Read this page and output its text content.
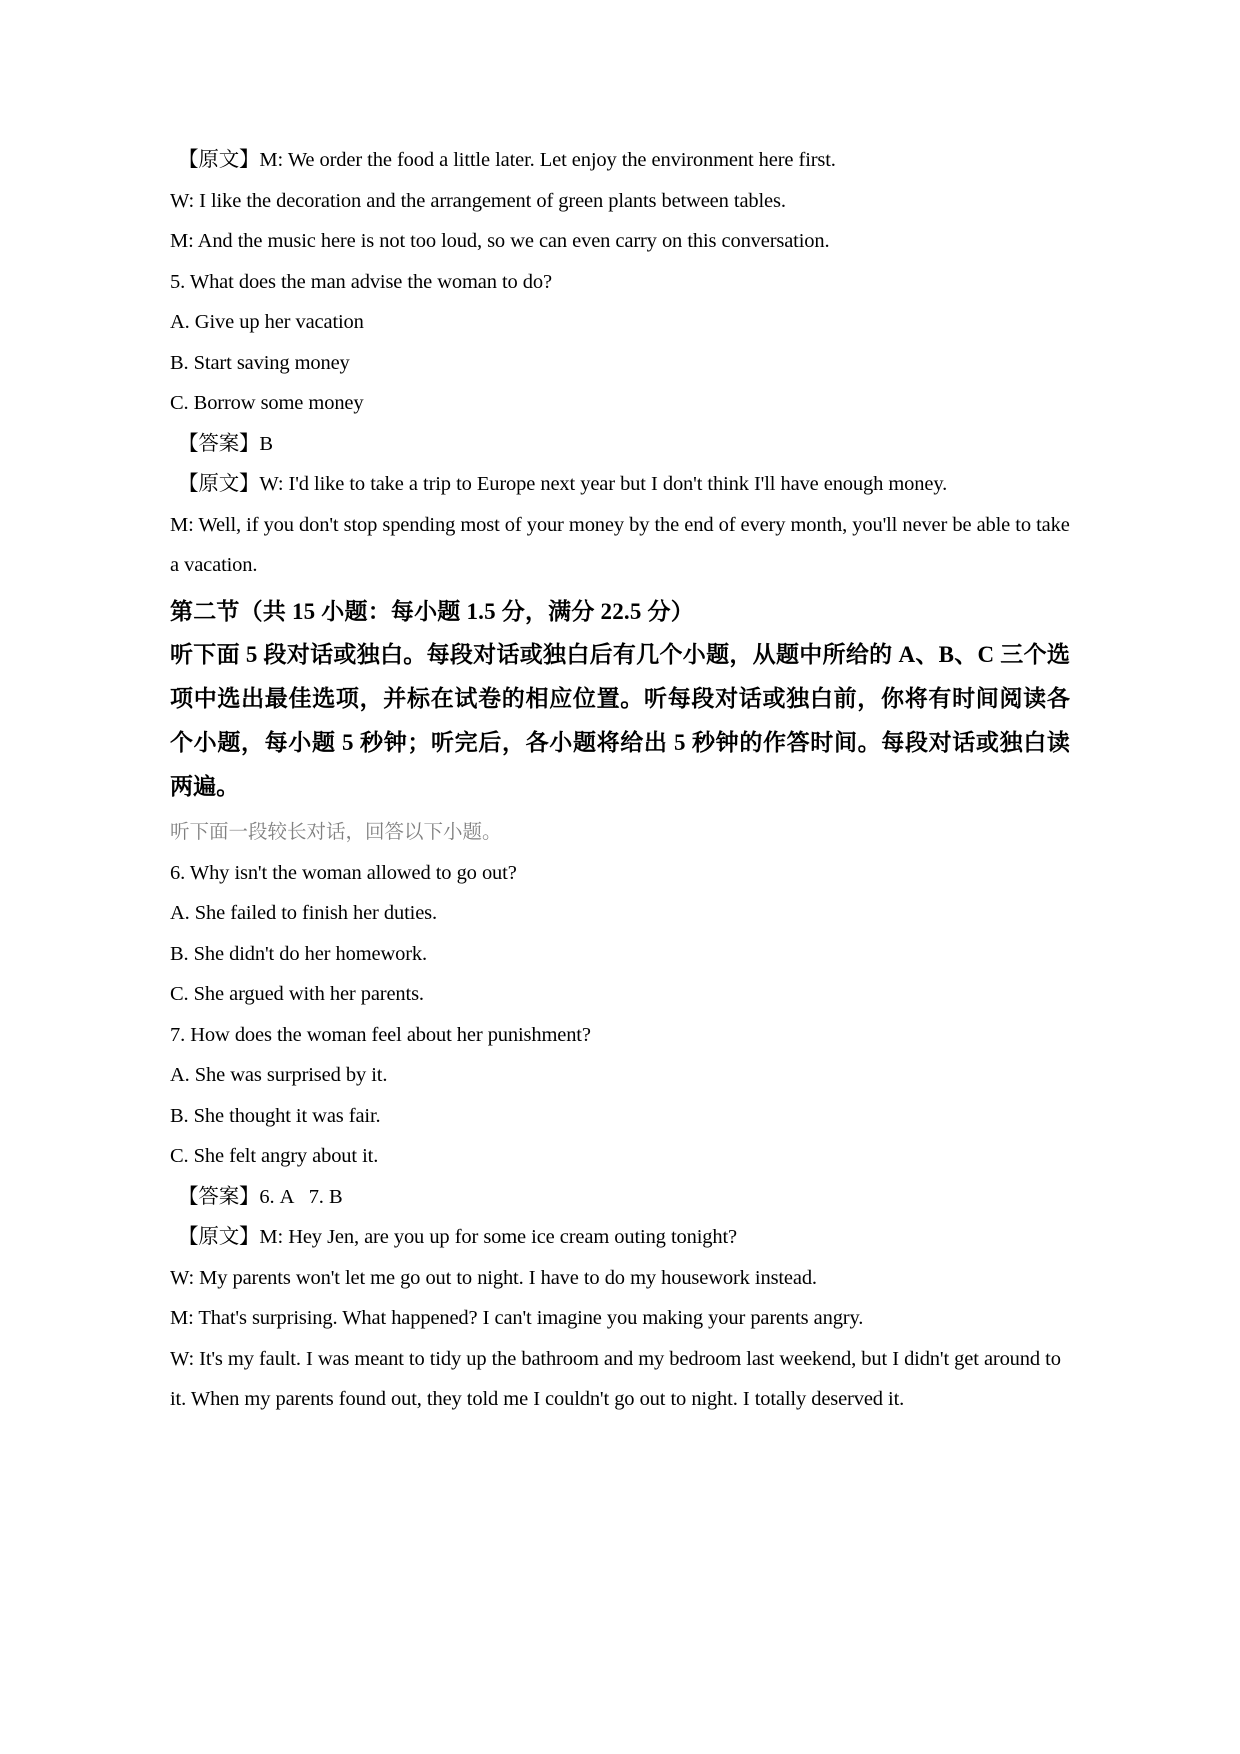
【原文】M: We order the food a little later. Let enjoy the environment here first.

W: I like the decoration and the arrangement of green plants between tables.

M: And the music here is not too loud, so we can even carry on this conversation.

5. What does the man advise the woman to do?

A. Give up her vacation

B. Start saving money

C. Borrow some money

【答案】B

【原文】W: I'd like to take a trip to Europe next year but I don't think I'll have enough money.

M: Well, if you don't stop spending most of your money by the end of every month, you'll never be able to take a vacation.

第二节（共 15 小题：每小题 1.5 分，满分 22.5 分）

听下面 5 段对话或独白。每段对话或独白后有几个小题，从题中所给的 A、B、C 三个选项中选出最佳选项，并标在试卷的相应位置。听每段对话或独白前，你将有时间阅读各个小题，每小题 5 秒钟；听完后，各小题将给出 5 秒钟的作答时间。每段对话或独白读两遍。

听下面一段较长对话，回答以下小题。

6. Why isn't the woman allowed to go out?

A. She failed to finish her duties.

B. She didn't do her homework.

C. She argued with her parents.

7. How does the woman feel about her punishment?

A. She was surprised by it.

B. She thought it was fair.

C. She felt angry about it.

【答案】6. A   7. B

【原文】M: Hey Jen, are you up for some ice cream outing tonight?

W: My parents won't let me go out to night. I have to do my housework instead.

M: That's surprising. What happened? I can't imagine you making your parents angry.

W: It's my fault. I was meant to tidy up the bathroom and my bedroom last weekend, but I didn't get around to it. When my parents found out, they told me I couldn't go out to night. I totally deserved it.
